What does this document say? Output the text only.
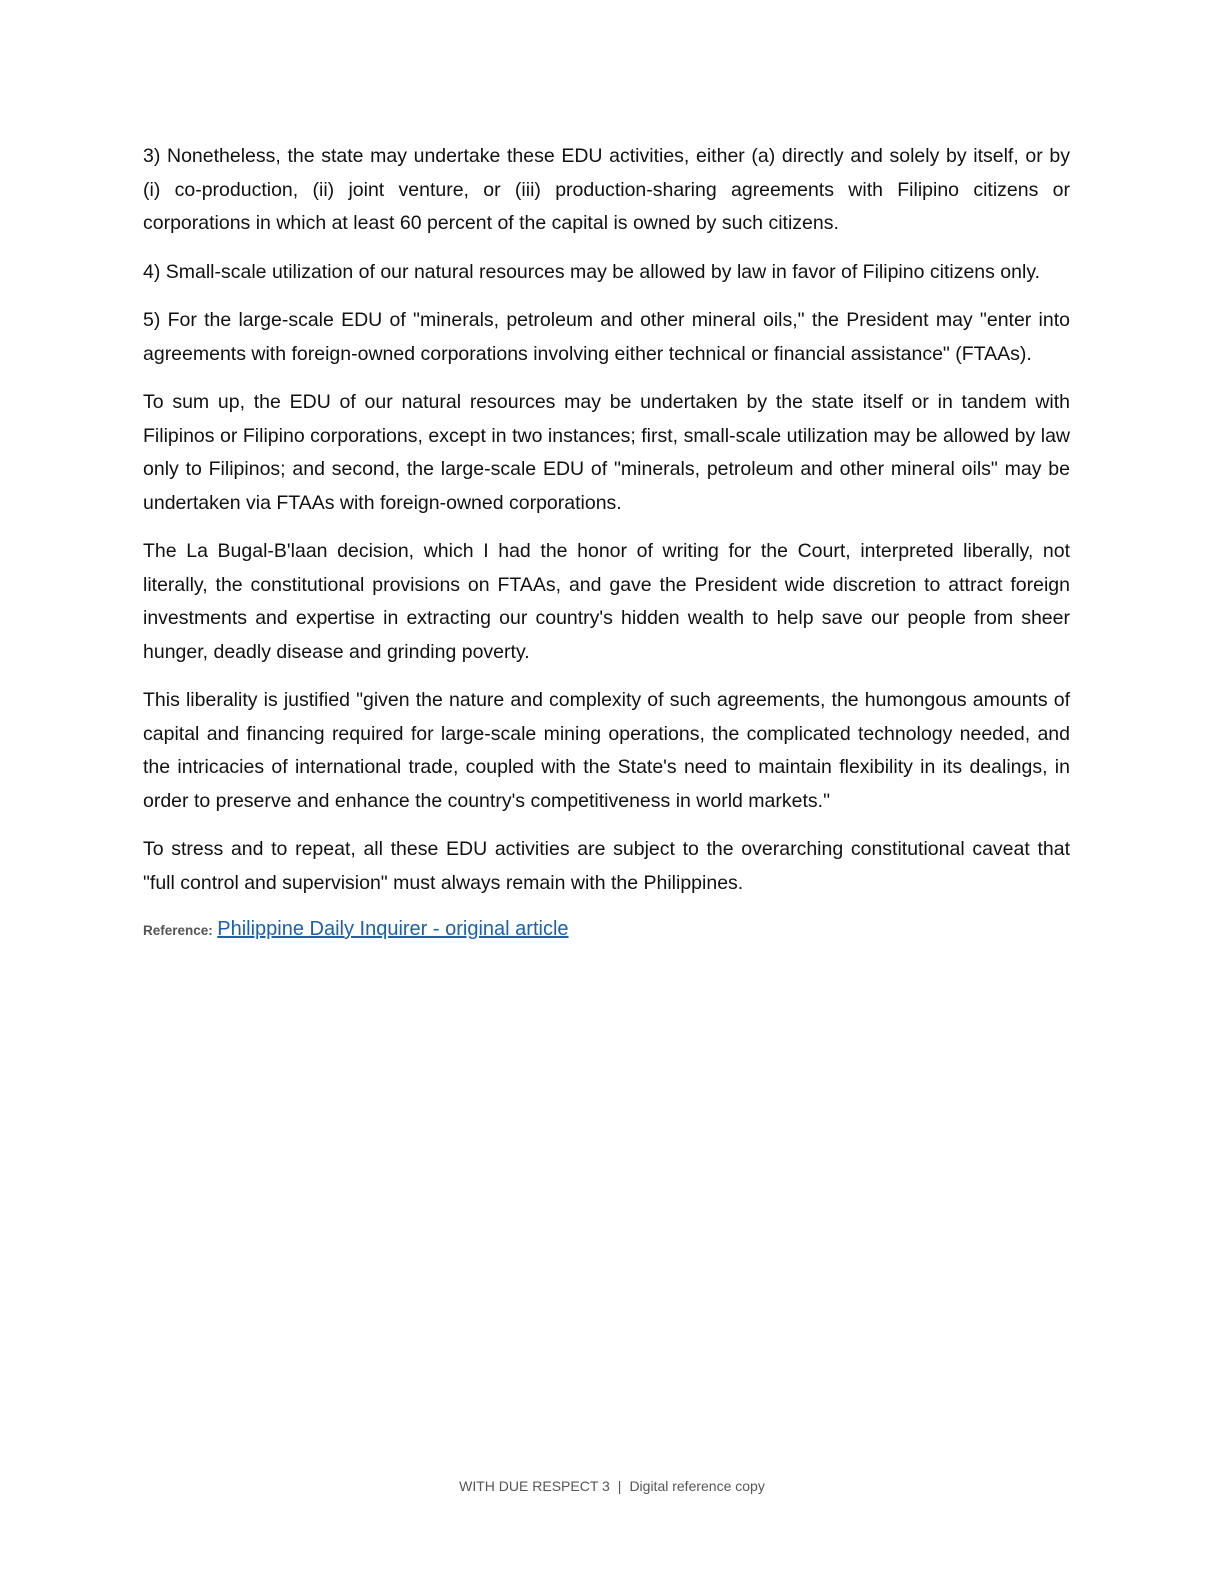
3) Nonetheless, the state may undertake these EDU activities, either (a) directly and solely by itself, or by (i) co-production, (ii) joint venture, or (iii) production-sharing agreements with Filipino citizens or corporations in which at least 60 percent of the capital is owned by such citizens.

4) Small-scale utilization of our natural resources may be allowed by law in favor of Filipino citizens only.

5) For the large-scale EDU of "minerals, petroleum and other mineral oils," the President may "enter into agreements with foreign-owned corporations involving either technical or financial assistance" (FTAAs).

To sum up, the EDU of our natural resources may be undertaken by the state itself or in tandem with Filipinos or Filipino corporations, except in two instances; first, small-scale utilization may be allowed by law only to Filipinos; and second, the large-scale EDU of "minerals, petroleum and other mineral oils" may be undertaken via FTAAs with foreign-owned corporations.

The La Bugal-B'laan decision, which I had the honor of writing for the Court, interpreted liberally, not literally, the constitutional provisions on FTAAs, and gave the President wide discretion to attract foreign investments and expertise in extracting our country's hidden wealth to help save our people from sheer hunger, deadly disease and grinding poverty.

This liberality is justified "given the nature and complexity of such agreements, the humongous amounts of capital and financing required for large-scale mining operations, the complicated technology needed, and the intricacies of international trade, coupled with the State's need to maintain flexibility in its dealings, in order to preserve and enhance the country's competitiveness in world markets."

To stress and to repeat, all these EDU activities are subject to the overarching constitutional caveat that "full control and supervision" must always remain with the Philippines.

Reference: Philippine Daily Inquirer - original article
WITH DUE RESPECT 3 | Digital reference copy
